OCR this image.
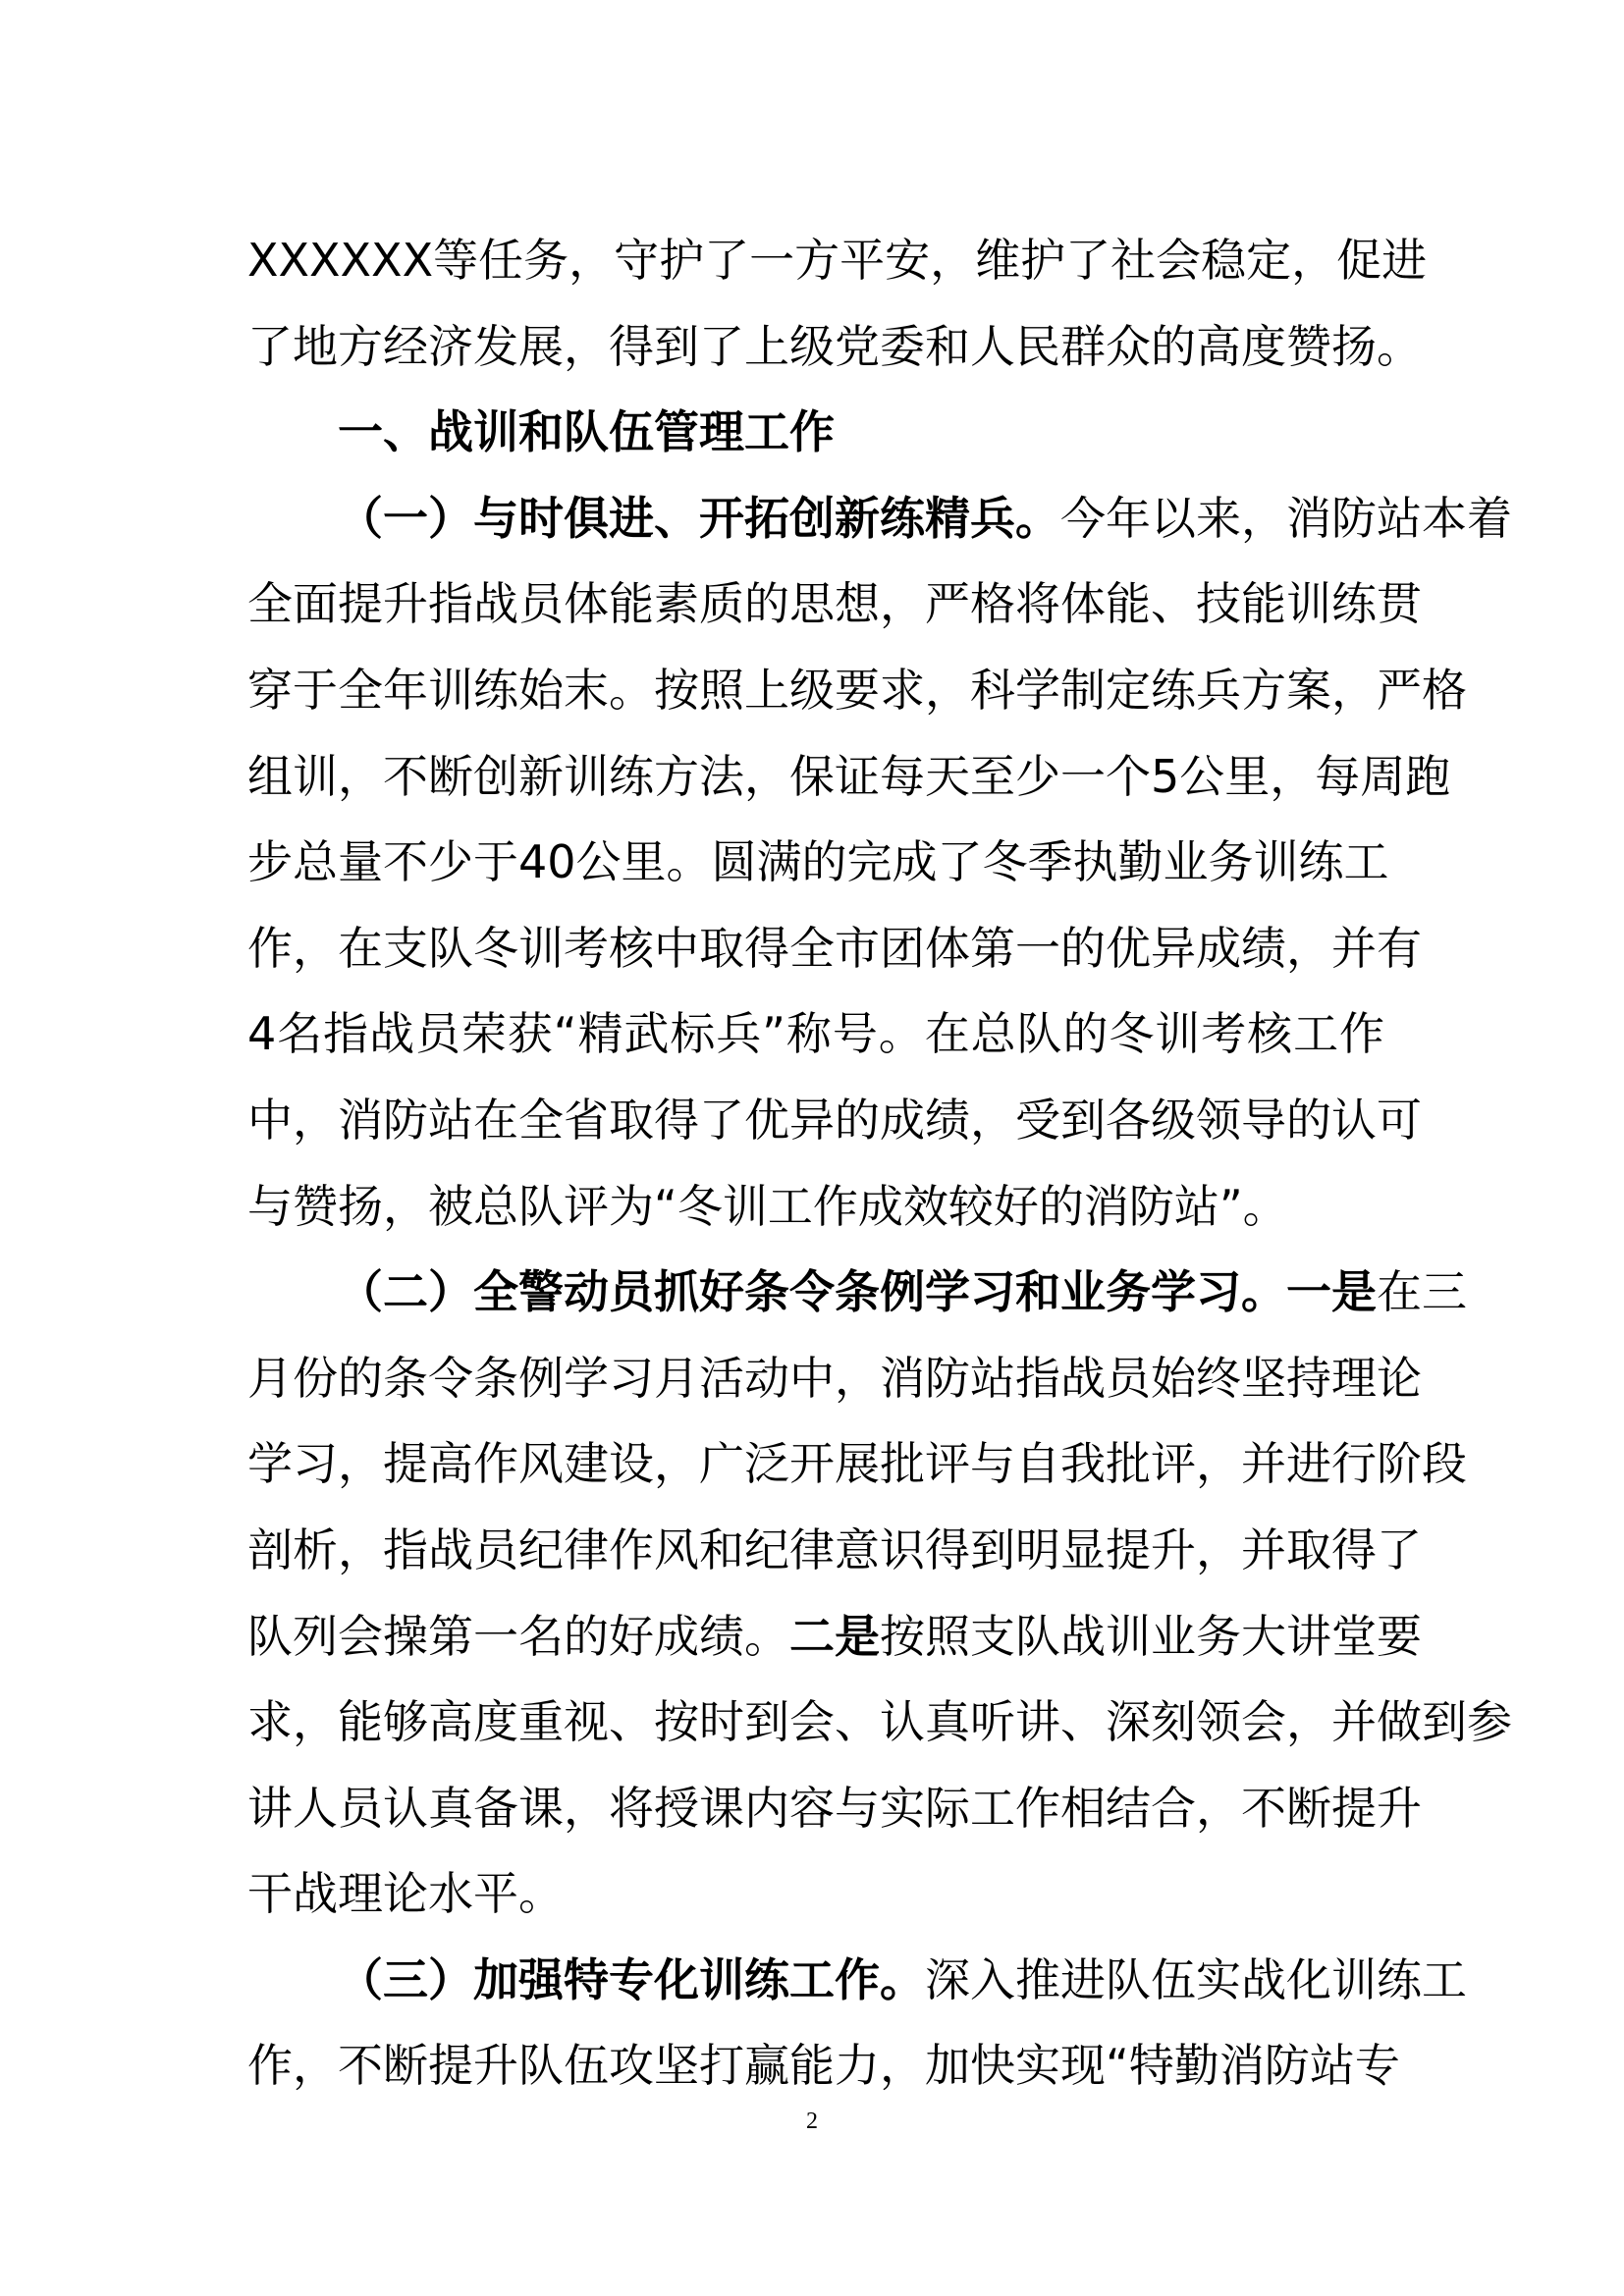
XXXXXX等任务，守护了一方平安，维护了社会稳定，促进
了地方经济发展，得到了上级党委和人民群众的高度赞扬。
一、战训和队伍管理工作
（一）与时俱进、开拓创新练精兵。今年以来，消防站本着
全面提升指战员体能素质的思想，严格将体能、技能训练贯
穿于全年训练始末。按照上级要求，科学制定练兵方案，严格
组训，不断创新训练方法，保证每天至少一个5公里，每周跑
步总量不少于40公里。圆满的完成了冬季执勤业务训练工
作，在支队冬训考核中取得全市团体第一的优异成绩，并有
4名指战员荣获“精武标兵”称号。在总队的冬训考核工作
中，消防站在全省取得了优异的成绩，受到各级领导的认可
与赞扬，被总队评为“冬训工作成效较好的消防站”。
（二）全警动员抓好条令条例学习和业务学习。一是在三
月份的条令条例学习月活动中，消防站指战员始终坚持理论
学习，提高作风建设，广泛开展批评与自我批评，并进行阶段
剖析，指战员纪律作风和纪律意识得到明显提升，并取得了
队列会操第一名的好成绩。二是按照支队战训业务大讲堂要
求，能够高度重视、按时到会、认真听讲、深刻领会，并做到参
讲人员认真备课，将授课内容与实际工作相结合，不断提升
干战理论水平。
（三）加强特专化训练工作。深入推进队伍实战化训练工
作，不断提升队伍攻坚打赢能力，加快实现“特勤消防站专
2
